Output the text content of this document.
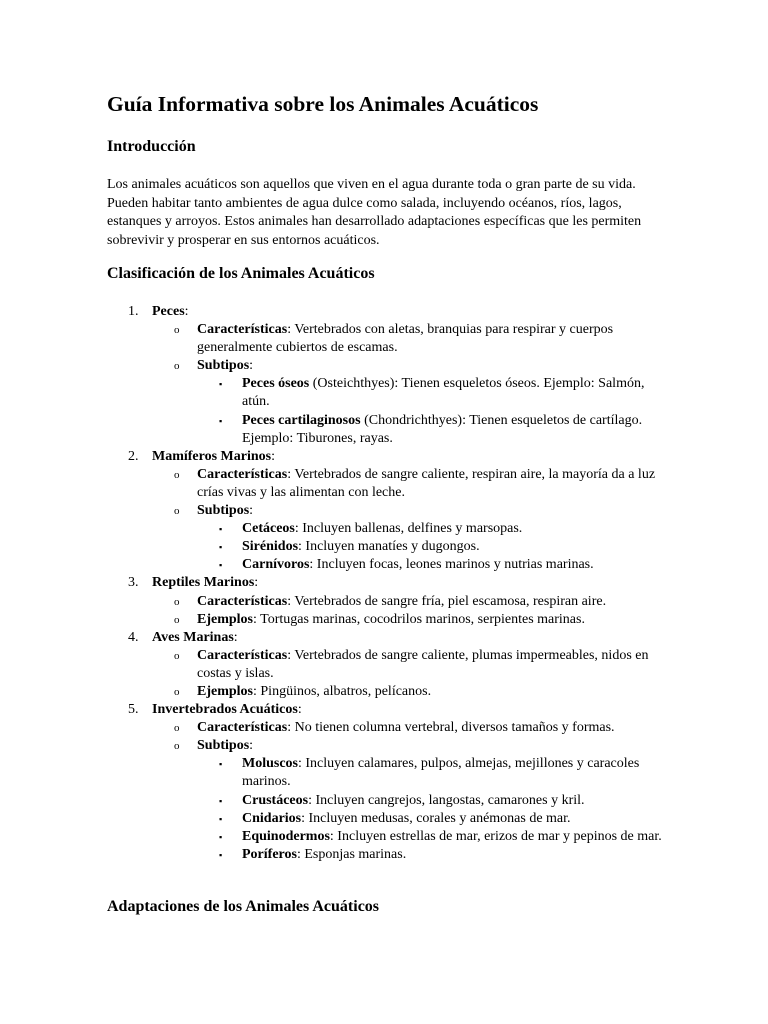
Guía Informativa sobre los Animales Acuáticos
Introducción

Los animales acuáticos son aquellos que viven en el agua durante toda o gran parte de su vida. Pueden habitar tanto ambientes de agua dulce como salada, incluyendo océanos, ríos, lagos, estanques y arroyos. Estos animales han desarrollado adaptaciones específicas que les permiten sobrevivir y prosperar en sus entornos acuáticos.

Clasificación de los Animales Acuáticos
1. Peces:
o Características: Vertebrados con aletas, branquias para respirar y cuerpos generalmente cubiertos de escamas.
o Subtipos:
▪ Peces óseos (Osteichthyes): Tienen esqueletos óseos. Ejemplo: Salmón, atún.
▪ Peces cartilaginosos (Chondrichthyes): Tienen esqueletos de cartílago. Ejemplo: Tiburones, rayas.
2. Mamíferos Marinos:
o Características: Vertebrados de sangre caliente, respiran aire, la mayoría da a luz crías vivas y las alimentan con leche.
o Subtipos:
▪ Cetáceos: Incluyen ballenas, delfines y marsopas.
▪ Sirénidos: Incluyen manatíes y dugongos.
▪ Carnívoros: Incluyen focas, leones marinos y nutrias marinas.
3. Reptiles Marinos:
o Características: Vertebrados de sangre fría, piel escamosa, respiran aire.
o Ejemplos: Tortugas marinas, cocodrilos marinos, serpientes marinas.
4. Aves Marinas:
o Características: Vertebrados de sangre caliente, plumas impermeables, nidos en costas y islas.
o Ejemplos: Pingüinos, albatros, pelícanos.
5. Invertebrados Acuáticos:
o Características: No tienen columna vertebral, diversos tamaños y formas.
o Subtipos:
▪ Moluscos: Incluyen calamares, pulpos, almejas, mejillones y caracoles marinos.
▪ Crustáceos: Incluyen cangrejos, langostas, camarones y kril.
▪ Cnidarios: Incluyen medusas, corales y anémonas de mar.
▪ Equinodermos: Incluyen estrellas de mar, erizos de mar y pepinos de mar.
▪ Poríferos: Esponjas marinas.
Adaptaciones de los Animales Acuáticos
